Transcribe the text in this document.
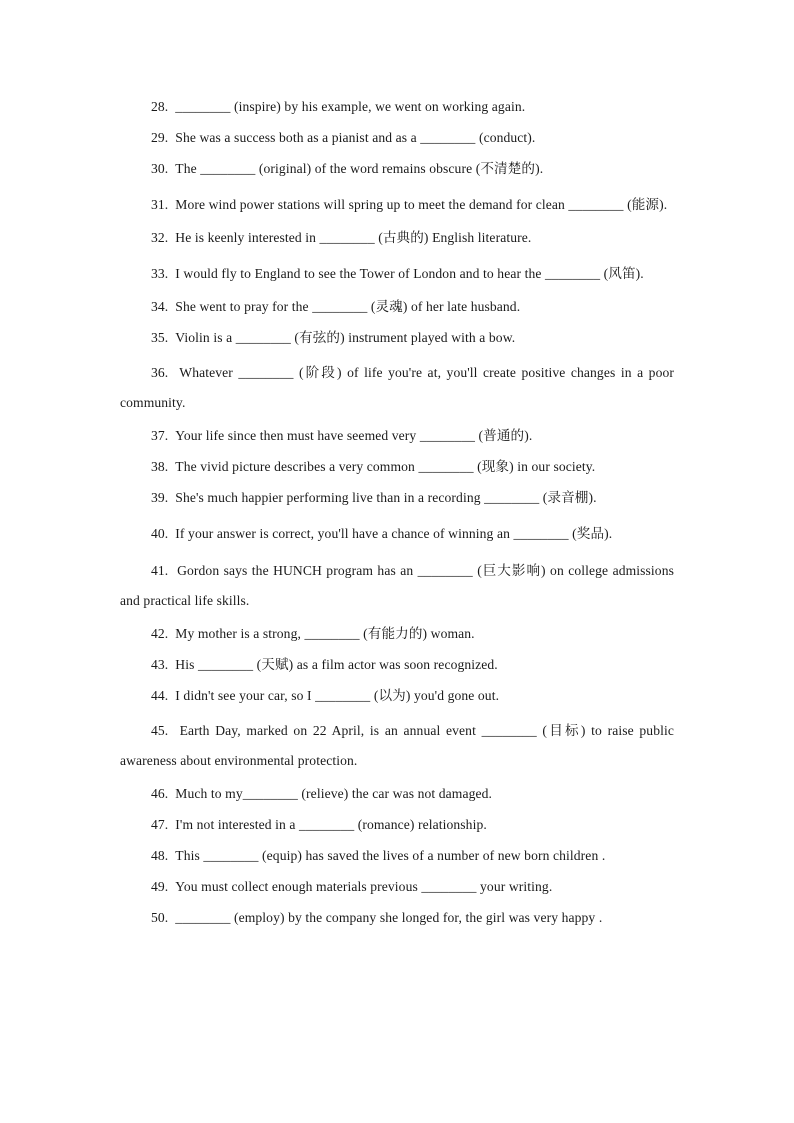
28. ________ (inspire) by his example, we went on working again.

29. She was a success both as a pianist and as a ________ (conduct).

30. The ________ (original) of the word remains obscure (不清楚的).

31. More wind power stations will spring up to meet the demand for clean ________ (能源).

32. He is keenly interested in ________ (古典的) English literature.

33. I would fly to England to see the Tower of London and to hear the ________ (风笛).

34. She went to pray for the ________ (灵魂) of her late husband.

35. Violin is a ________ (有弦的) instrument played with a bow.

36. Whatever ________ (阶段) of life you're at, you'll create positive changes in a poor community.

37. Your life since then must have seemed very ________ (普通的).

38. The vivid picture describes a very common ________ (现象) in our society.

39. She's much happier performing live than in a recording ________ (录音棚).

40. If your answer is correct, you'll have a chance of winning an ________ (奖品).

41. Gordon says the HUNCH program has an ________ (巨大影响) on college admissions and practical life skills.

42. My mother is a strong, ________ (有能力的) woman.

43. His ________ (天赋) as a film actor was soon recognized.

44. I didn't see your car, so I ________ (以为) you'd gone out.

45. Earth Day, marked on 22 April, is an annual event ________ (目标) to raise public awareness about environmental protection.

46. Much to my________ (relieve) the car was not damaged.

47. I'm not interested in a ________ (romance) relationship.

48. This ________ (equip) has saved the lives of a number of new born children .

49. You must collect enough materials previous ________ your writing.

50. ________ (employ) by the company she longed for, the girl was very happy .
